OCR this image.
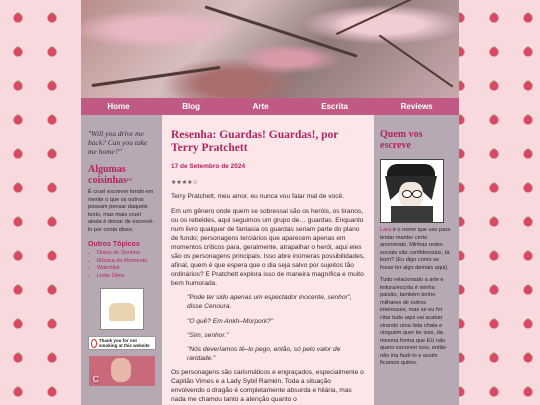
Home	Blog	Arte	Escrita	Reviews
"Will you drive me back? Can you take me home?"
Algumas coisinhas~

É cruel escrever tendo em mente o que os outros possam pensar daquele texto, mas mais cruel ainda é deixar de escrevê-lo por conta disso.

Outros Tópicos
• Diário de Sonhos
• Música do Momento
• Watchlist
• Links Úteis
Thank you for not smoking at this website
C
Resenha: Guardas! Guardas!, por Terry Pratchett
17 de Setembro de 2024
★★★★☆

Terry Pratchett, meu amor, eu nunca vou falar mal de você.

Em um gênero onde quem se sobressai são os heróis, os tiranos, ou os rebeldes, aqui seguimos um grupo de… guardas. Enquanto num livro qualquer de fantasia os guardas seriam parte do plano de fundo; personagens terciários que aparecem apenas em momentos críticos para, geralmente, atrapalhar o herói, aqui eles são os personagens principais. Isso abre inúmeras possibilidades, afinal, quem é que espera que o dia seja salvo por sujeitos tão ordinários? E Pratchett explora isso de maneira magnífica e muito bem humorada.

"Pode ter sido apenas um espectador inocente, senhor", disse Cenoura.

"O quê? Em Ankh–Morpork?"

"Sim, senhor."

"Nós deveríamos tê–lo pego, então, só pelo valor de raridade."

Os personagens são carismáticos e engraçados, especialmente o Capitão Vimes e a Lady Sybil Ramkin. Toda a situação envolvendo o dragão é completamente absurda e hilária, mas nada me chamou tanto a atenção quanto o

Quem vos escreve

Lara é o nome que uso para tentar manter certo anonimato. Minhas redes sociais são confidenciais, tá bom? (Eu digo como se fosse ter algo demais aqui).

Tudo relacionado a arte e leitura/escrita é minha paixão, também tenho milhares de outros interesses, mas se eu for citar tudo aqui vai acabar virando uma lista chata e ninguém quer ler isso, da mesma forma que EU não quero escrever isso, então não iria fazê-lo e assim ficamos quites.
